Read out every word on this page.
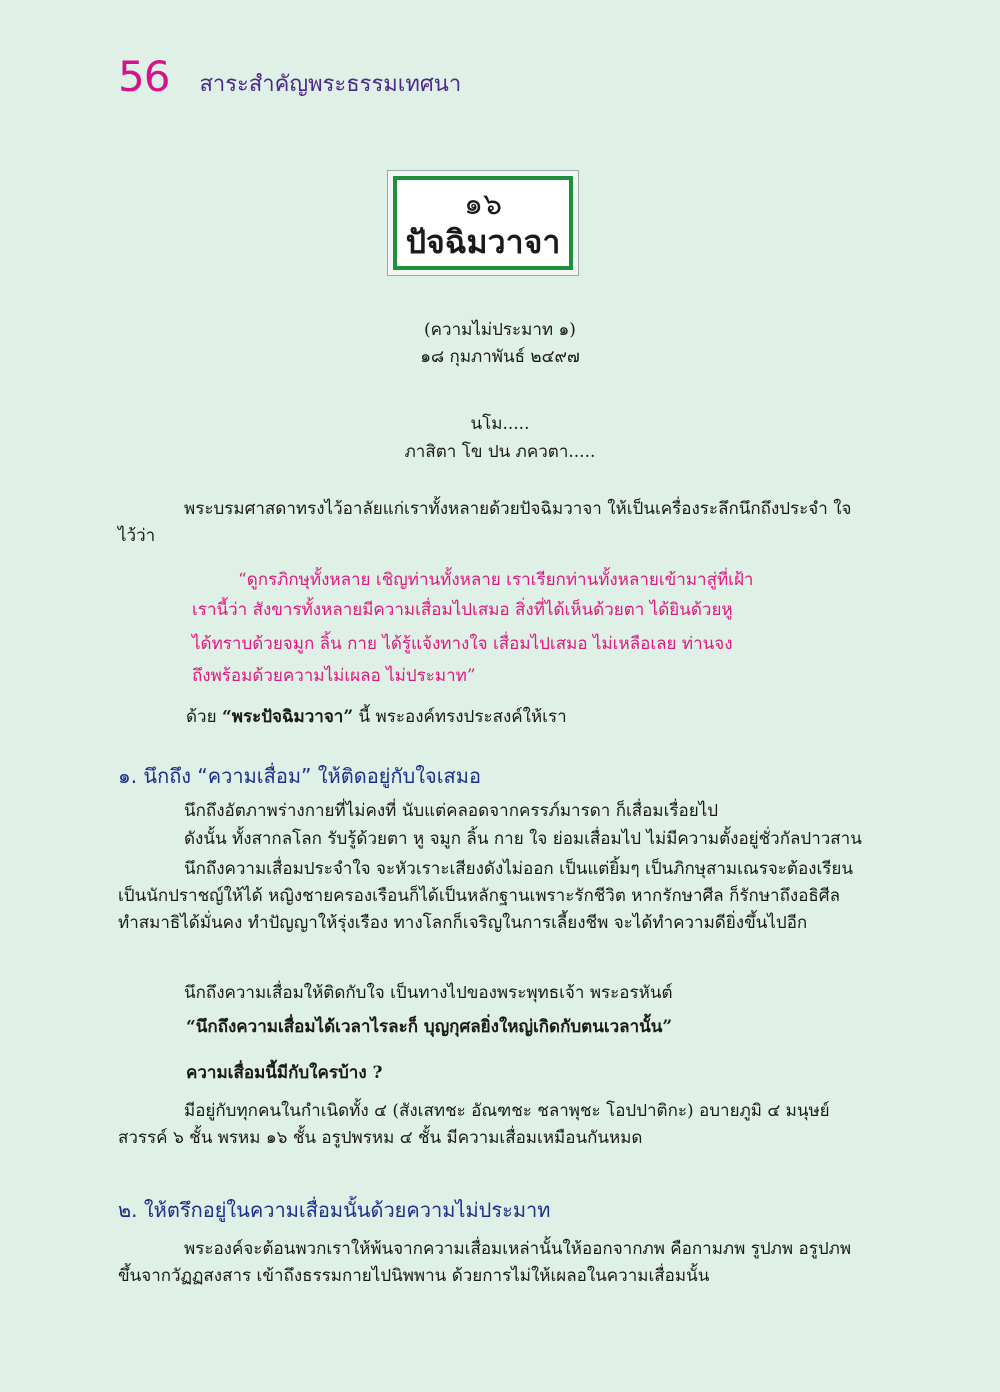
56 สาระสำคัญพระธรรมเทศนา
๑๖
ปัจฉิมวาจา
(ความไม่ประมาท ๑)
๑๘ กุมภาพันธ์ ๒๔๙๗
นโม.....
ภาสิตา โข ปน ภควตา.....
พระบรมศาสดาทรงไว้อาลัยแก่เราทั้งหลายด้วยปัจฉิมวาจา ให้เป็นเครื่องระลึกนึกถึงประจำ ใจไว้ว่า
“ดูกรภิกษุทั้งหลาย เชิญท่านทั้งหลาย เราเรียกท่านทั้งหลายเข้ามาสู่ที่เฝ้า
เรานี้ว่า สังขารทั้งหลายมีความเสื่อมไปเสมอ สิ่งที่ได้เห็นด้วยตา ได้ยินด้วยหู
ได้ทราบด้วยจมูก ลิ้น กาย ได้รู้แจ้งทางใจ เสื่อมไปเสมอ ไม่เหลือเลย ท่านจง
ถึงพร้อมด้วยความไม่เผลอ ไม่ประมาท”
ด้วย “พระปัจฉิมวาจา” นี้ พระองค์ทรงประสงค์ให้เรา
๑. นึกถึง “ความเสื่อม” ให้ติดอยู่กับใจเสมอ
นึกถึงอัตภาพร่างกายที่ไม่คงที่ นับแต่คลอดจากครรภ์มารดา ก็เสื่อมเรื่อยไป
ดังนั้น ทั้งสากลโลก รับรู้ด้วยตา หู จมูก ลิ้น กาย ใจ ย่อมเสื่อมไป ไม่มีความตั้งอยู่ชั่วกัลปาวสาน
นึกถึงความเสื่อมประจำใจ จะหัวเราะเสียงดังไม่ออก เป็นแต่ยิ้มๆ เป็นภิกษุสามเณรจะต้องเรียนเป็นนักปราชญ์ให้ได้ หญิงชายครองเรือนก็ได้เป็นหลักฐานเพราะรักชีวิต หากรักษาศีล ก็รักษาถึงอธิศีล ทำสมาธิได้มั่นคง ทำปัญญาให้รุ่งเรือง ทางโลกก็เจริญในการเลี้ยงชีพ จะได้ทำความดียิ่งขึ้นไปอีก
นึกถึงความเสื่อมให้ติดกับใจ เป็นทางไปของพระพุทธเจ้า พระอรหันต์
“นึกถึงความเสื่อมได้เวลาไรละก็ บุญกุศลยิ่งใหญ่เกิดกับตนเวลานั้น”
ความเสื่อมนี้มีกับใครบ้าง ?
มีอยู่กับทุกคนในกำเนิดทั้ง ๔ (สังเสทชะ อัณฑชะ ชลาพุชะ โอปปาติกะ) อบายภูมิ ๔ มนุษย์ สวรรค์ ๖ ชั้น พรหม ๑๖ ชั้น อรูปพรหม ๔ ชั้น มีความเสื่อมเหมือนกันหมด
๒. ให้ตรึกอยู่ในความเสื่อมนั้นด้วยความไม่ประมาท
พระองค์จะต้อนพวกเราให้พ้นจากความเสื่อมเหล่านั้นให้ออกจากภพ คือกามภพ รูปภพ อรูปภพ ขึ้นจากวัฏฏสงสาร เข้าถึงธรรมกายไปนิพพาน ด้วยการไม่ให้เผลอในความเสื่อมนั้น
